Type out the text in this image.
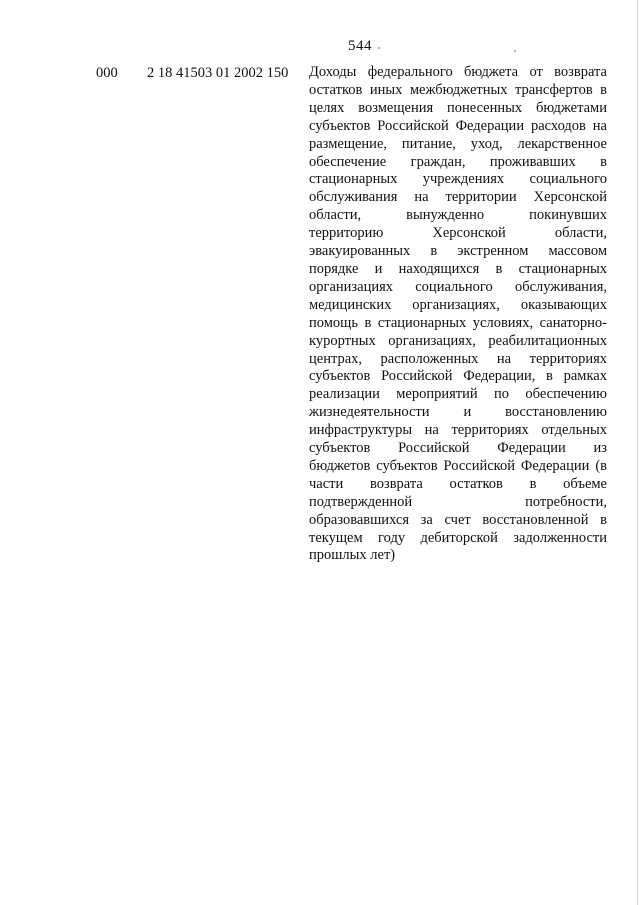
544
000 2 18 41503 01 2002 150 Доходы федерального бюджета от возврата
остатков иных межбюджетных трансфертов в
целях возмещения понесенных бюджетами
субъектов Российской Федерации расходов на
размещение, питание, уход, лекарственное
обеспечение граждан, проживавших в
стационарных учреждениях социального
обслуживания на территории Херсонской
области, вынужденно покинувших
территорию Херсонской области,
эвакуированных в экстренном массовом
порядке и находящихся в стационарных
организациях социального обслуживания,
медицинских организациях, оказывающих
помощь в стационарных условиях, санаторно-
курортных организациях, реабилитационных
центрах, расположенных на территориях
субъектов Российской Федерации, в рамках
реализации мероприятий по обеспечению
жизнедеятельности и восстановлению
инфраструктуры на территориях отдельных
субъектов Российской Федерации из
бюджетов субъектов Российской Федерации (в
части возврата остатков в объеме
подтвержденной потребности,
образовавшихся за счет восстановленной в
текущем году дебиторской задолженности
прошлых лет)
